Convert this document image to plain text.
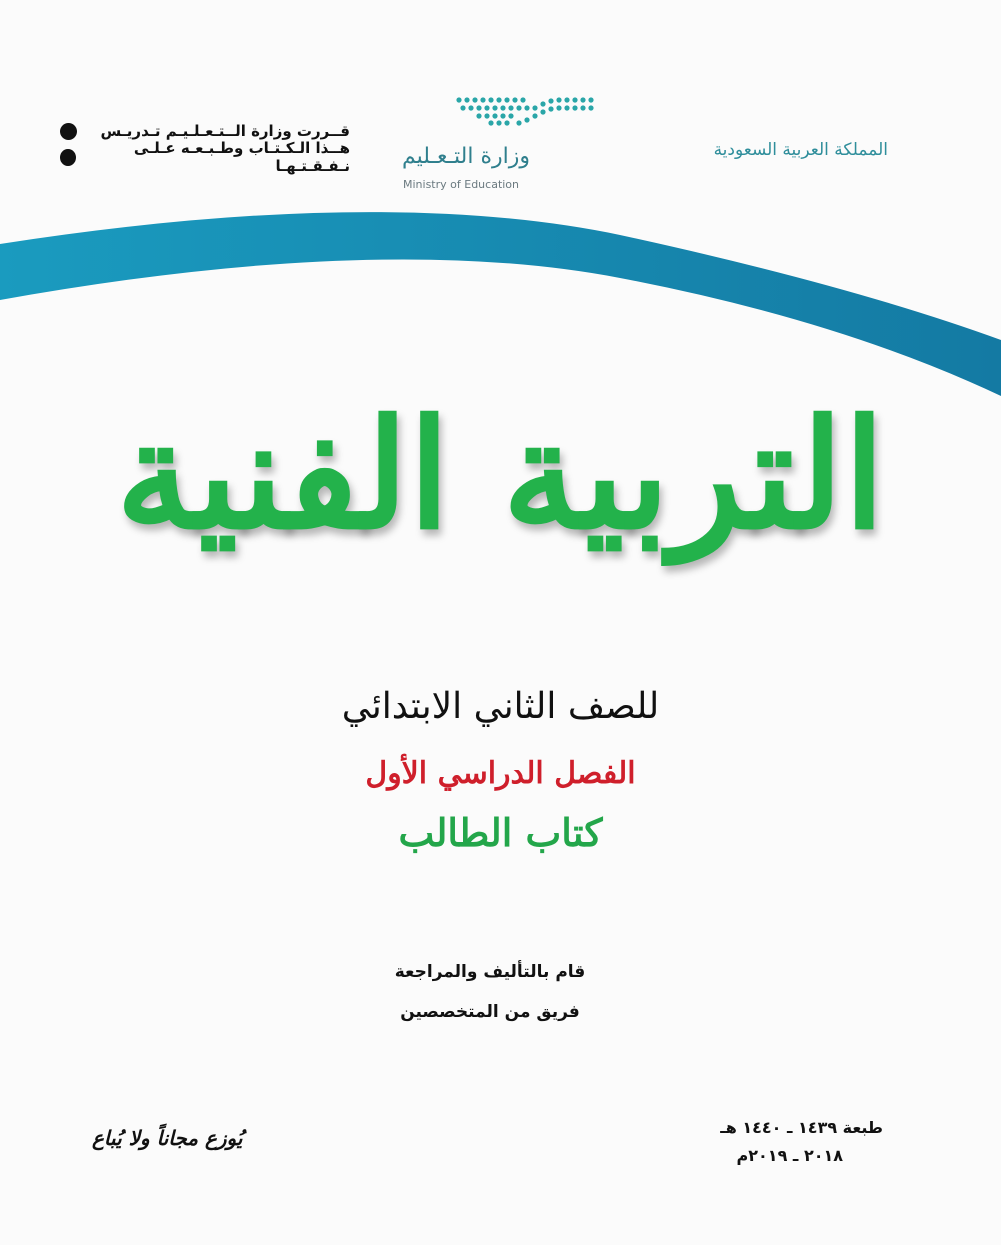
قــررت وزارة الــتـعـلـيـم تـدريـس
هــذا الـكـتـاب وطـبـعـه عـلـى نـفـقـتـهـا وزارة التـعـليم
Ministry of Education
المملكة العربية السعودية
التربية الفنية
للصف الثاني الابتدائي
الفصل الدراسي الأول
كتاب الطالب
قام بالتأليف والمراجعة
فريق من المتخصصين
طبعة ١٤٣٩ ـ ١٤٤٠ هـ
٢٠١٨ ـ ٢٠١٩م
يُوزع مجاناً ولا يُباع
